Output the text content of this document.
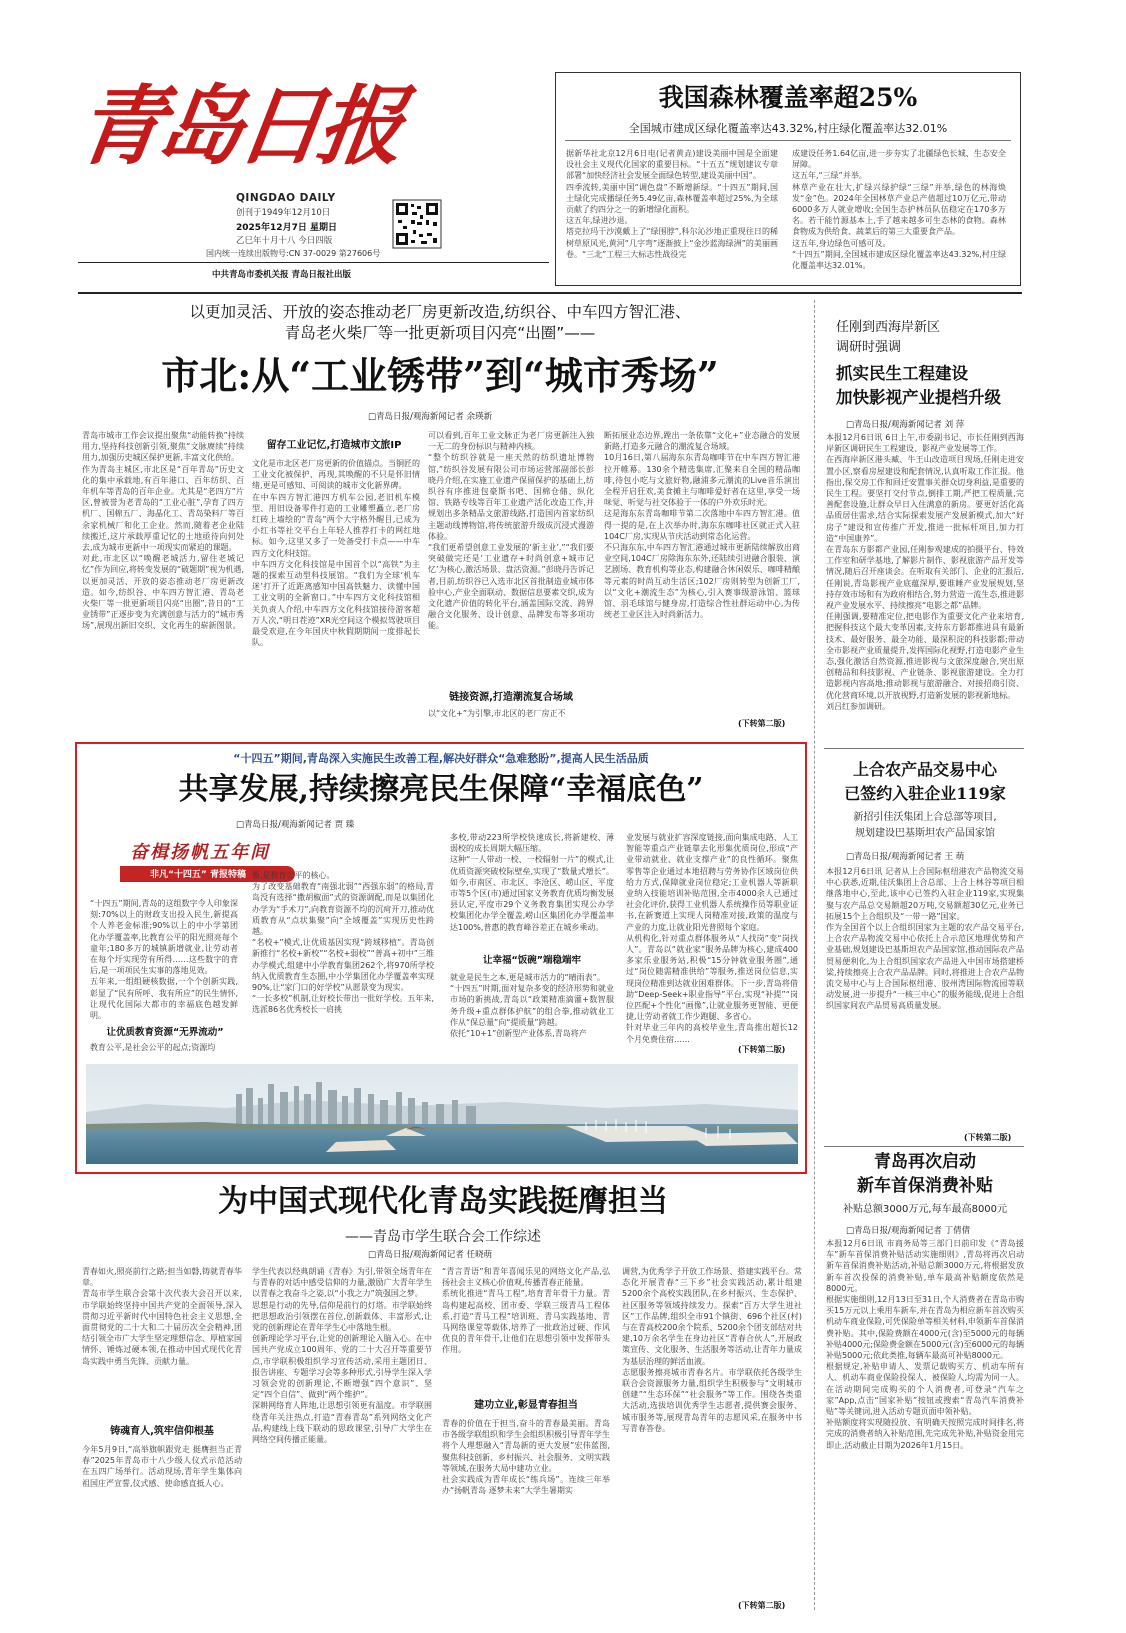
青岛日报
QINGDAO DAILY
创刊于1949年12月10日
2025年12月7日 星期日
乙巳年十月十八 今日四版
国内统一连续出版物号:CN 37-0029 第27606号
中共青岛市委机关报 青岛日报社出版
我国森林覆盖率超25%
全国城市建成区绿化覆盖率达43.32%,村庄绿化覆盖率达32.01%
据新华社北京12月6日电(记者黄垚)建设美丽中国是全面建设社会主义现代化国家的重要目标。“十五五”规划建议专章部署“加快经济社会发展全面绿色转型,建设美丽中国”。
四季流转,美丽中国“调色盘”不断增新绿。“十四五”期间,国土绿化完成播绿任务5.49亿亩,森林覆盖率超过25%,为全球贡献了约四分之一的新增绿化面积。
这五年,绿进沙退。
塔克拉玛干沙漠戴上了“绿围脖”,科尔沁沙地正重现往日的稀树草原风光,黄河“几字弯”逐渐披上“金沙蓝海绿洲”的美丽画卷。“三北”工程三大标志性战役完
成建设任务1.64亿亩,进一步夯实了北疆绿色长城、生态安全屏障。
这五年,“三绿”并举。
林草产业在壮大,扩绿兴绿护绿“三绿”并举,绿色的林海焕发“金”色。2024年全国林草产业总产值超过10万亿元,带动6000多万人就业增收;全国生态护林员队伍稳定在170多万名。若干能竹源基本上,手了越来越多可生态林的食物。森林食物成为供给食、蔬菜后的第三大重要食产品。
这五年,身边绿色可感可及。
“十四五”期间,全国城市建成区绿化覆盖率达43.32%,村庄绿化覆盖率达32.01%。
以更加灵活、开放的姿态推动老厂房更新改造,纺织谷、中车四方智汇港、
青岛老火柴厂等一批更新项目闪亮“出圈”——
市北:从“工业锈带”到“城市秀场”
□青岛日报/观海新闻记者 余瑛新
青岛市城市工作会议提出聚焦“动能转换”持续用力,坚持科技创新引领,聚焦“文脉赓续”持续用力,加强历史城区保护更新,丰富文化供给。
作为青岛主城区,市北区是“百年青岛”历史文化的集中承载地,有百年港口、百年纺织、百年机车等青岛的百年企业。尤其是“老四方”片区,曾被誉为老青岛的“工业心脏”,孕育了四方机厂、国棉五厂、海晶化工、青岛染料厂等百余家机械厂和化工企业。然而,随着老企业陆续搬迁,这片承载厚重记忆的土地亟待向何处去,成为城市更新中一项现实而紧迫的课题。
对此,市北区以“唤醒老城活力,留住老城记忆”作为回应,将转变发展的“破题期”视为机遇,以更加灵活、开放的姿态推动老厂房更新改造。如今,纺织谷、中车四方智汇港、青岛老火柴厂等一批更新项目闪亮“出圈”,昔日的“工业锈带”正逐步变为充满创意与活力的“城市秀场”,展现出新旧交织、文化再生的崭新图景。
留存工业记忆,打造城市文旅IP
文化是市北区老厂房更新的价值锚点。当铜匠的工业文化被保护、再现,其唤醒的不只是怀旧情绪,更是可感知、可阅读的城市文化新界碑。
在中车四方智汇港四方机车公园,老旧机车模型、用旧设备零件打造的工业雕塑矗立,老厂房红砖上墙绘的“青岛”两个大字格外醒目,已成为小红书等社交平台上年轻人推荐打卡的网红地标。如今,这里又多了一处备受打卡点——中车四方文化科技馆。
中车四方文化科技馆是中国首个以“高铁”为主题的探索互动型科技展馆。“我们为全球‘机车迷’打开了近距离感知中国高铁魅力、读懂中国工业文明的全新窗口。”中车四方文化科技馆相关负责人介绍,中车四方文化科技馆接待游客超万人次,“明日茬迹”XR光空间这个模拟驾驶项目最受欢迎,在今年国庆中秋假期期间一度排起长队。
可以看到,百年工业文脉正为老厂房更新注入独一无二的身份标识与精神内核。
“整个纺织谷就是一座天然的纺织遗址博物馆,”纺织谷发展有限公司市场运营部副部长彭晓丹介绍,在实施工业遗产保留保护的基础上,纺织谷有序推进包豪斯书吧、国棉仓储、纵化馆、铁路专线等百年工业遗产活化改造工作,并规划出多条精品文旅游线路,打造国内首家纺织主题动线博物馆,将传统旅游升级成沉浸式漫游体验。
“我们更希望创意工业发展的‘新主业’,”“我们要突破做完还是‘工业遗存+时尚创意+城市记忆’为核心,激活场景、盘活资源。”彭晓丹告诉记者,目前,纺织谷已入选市北区首批制造业城市体验中心,产业全面联动、数据信息要素交织,成为文化遗产价值的转化平台,涵盖国际交流、跨界融合文化服务、设计创意、品牌发布等多项功能。
链接资源,打造潮流复合场域
以“文化+”为引擎,市北区的老厂房正不
断拓展业态边界,蹚出一条依靠“文化+”业态融合的发展新路,打造多元融合的潮流复合场域。
10月16日,第八届海东东青岛咖啡节在中车四方智汇港拉开帷幕。130余个精选集席,汇聚来自全国的精品咖啡,待包小吃与文旅好物,融浦多元潮流的Live音乐演出全程开启狂欢,美食摊主与咖啡爱好者在这里,享受一场味觉、听觉与社交体验于一体的户外欢乐时光。
这是海东东青岛咖啡节第二次落地中车四方智汇港。值得一提的是,在上次举办时,海东东咖啡社区就正式入驻104C厂房,实现从节庆活动到常态化运营。
不只海东东,中车四方智汇港通过城市更新陆续解放出商业空间,104C厂房除海东东外,还陆续引进融合服装、演艺剧场、教育机构等业态,构建融合休闲娱乐、咖啡精酿等元素的时尚互动生活区;102厂房则转型为创新工厂,以“文化+潮流生态”为核心,引入赛事级游泳馆、篮球馆、羽毛球馆与健身房,打造综合性社群运动中心,为传统老工业区注入时尚新活力。
(下转第二版)
任刚到西海岸新区
调研时强调
抓实民生工程建设
加快影视产业提档升级
□青岛日报/观海新闻记者 刘 萍
本报12月6日讯 6日上午,市委副书记、市长任刚到西海岸新区调研民生工程建设、影视产业发展等工作。
在西海岸新区港头臧、牛王山改造项目现场,任刚走进安置小区,察看房屋建设和配套情况,认真听取工作汇报。他指出,保交房工作和回迁安置事关群众切身利益,是重要的民生工程。要坚打交付节点,倒排工期,严把工程质量,完善配套设施,让群众早日入住满意的新房。要更好活化高品质居住需求,结合实际探索发展产发展新模式,加大“好房子”建设和宣传推广开发,推进一批标杆项目,加力打造“中国康养”。
在青岛东方影都产业园,任刚参观建成的拍摄平台、特效工作室和研学基地,了解影片制作、影视旅游产品开发等情况,随后召开座谈会。在听取有关部门、企业的汇报后,任刚说,青岛影视产业底蕴深厚,要谁睡产业发展规划,坚持存效市场和有为政府相结合,努力营造一流生态,推进影视产业发展水平、持续擦亮“电影之都”品牌。
任刚强调,要精准定位,把电影作为重要文化产业来培育,把握科技这个最大变革因素,支持东方影都推进具有最新技术、最好服务、最全功能、最深积淀的科技影都;带动全市影视产业质量提升,发挥国际化视野,打造电影产业生态,强化激活自然资源,推进影视与文旅深度融合,突出原创精品和科技影视、产业链条、影视旅游建设。全力打造影视内容高地;推动影视与旅游融合、对接招商引资、优化营商环境,以开放视野,打造新发展的影视新地标。
刘吕红参加调研。
上合农产品交易中心
已签约入驻企业119家
新招引佳沃集团上合总部等项目,
规划建设巴基斯坦农产品国家馆
□青岛日报/观海新闻记者 王 萌
本报12月6日讯 记者从上合国际枢纽港农产品物流交易中心获悉,近期,佳沃集团上合总部、上合上林谷等项目相继落地中心,至此,该中心已签约入驻企业119家,实现集聚与农产品总交易额超20万吨,交易额超30亿元,业务已拓展15个上合组织及“一带一路”国家。
作为全国首个以上合组织国家为主题的农产品交易平台,上合农产品物流交易中心依托上合示范区地理优势和产业基础,规划建设巴基斯坦农产品国家馆,推动国际农产品贸易便利化,为上合组织国家农产品进入中国市场搭建桥梁,持续擦亮上合农产品品牌。同时,将推进上合农产品物流交易中心与上合国际枢纽港、胶州湾国际物流园等联动发展,进一步提升“一核三中心”的服务能级,促进上合组织国家间农产品贸易高质量发展。
(下转第二版)
青岛再次启动
新车首保消费补贴
补贴总额3000万元,每车最高8000元
□青岛日报/观海新闻记者 丁倩倩
本报12月6日讯 市商务局等三部门日前印发《“青岛援车”新车首保消费补贴活动实施细则》,青岛将再次启动新车首保消费补贴活动,补贴总额3000万元,将根据发放新车首次投保的消费补贴,单车最高补贴额度依然是8000元。
根据实施细则,12月13日至31日,个人消费者在青岛市购买15万元以上乘用车新车,并在青岛为相应新车首次购买机动车商业保险,可凭保险单等相关材料,申领新车首保消费补贴。其中,保险费额在4000元(含)至5000元的每辆补贴4000元;保险费金额在5000元(含)至6000元的每辆补贴5000元;依此类推,每辆车最高可补贴8000元。
根据规定,补贴申请人、发票记载购买方、机动车所有人、机动车商业保险投保人、被保险人,均需为同一人。在活动期间完成购买的个人消费者,可登录“汽车之家”App,点击“国家补贴”按钮或搜索“青岛汽车消费补贴”等关键词,进入活动专题页面申领补贴。
补贴额度将实现随投放、有明确天按照完成时间排名,将完成的消费者纳入补贴范围,先完成先补贴,补贴资金用完即止,活动截止日期为2026年1月15日。
“十四五”期间,青岛深入实施民生改善工程,解决好群众“急难愁盼”,提高人民生活品质
共享发展,持续擦亮民生保障“幸福底色”
□青岛日报/观海新闻记者 贾 臻
奋楫扬帆五年间
非凡“十四五” 青报特稿
“十四五”期间,青岛的这组数字令人印象深刻:70%以上的财政支出投入民生,新提高个人养老金标准;90%以上的中小学第团化办学覆盖率,比教育公平的阳光照亮每个童年;180多万的城镇新增就业,让劳动者在每个圩实现劳有所得……这些数字的背后,是一项项民生实事的落地见效。
五年来,一组组硬核数据,一个个创新实践,彰显了“民有所呼、我有所应”的民生情怀,让现代化国际大都市的幸福底色越发鲜明。
让优质教育资源“无界流动”
教育公平,是社会公平的起点;资源均
衡,是教育公平的核心。
为了改变基础教育“南强北弱”“西强东弱”的格局,青岛没有选择“撒胡椒面”式的资源调配,而是以集团化办学为“手术刀”,向教育资源不均的沉疴开刀,推动优质教育从“点状集聚”向“全域覆盖”实现历史性跨越。
“名校+”模式,让优质基因实现“跨域移植”。青岛创新推行“名校+新校”“名校+弱校”“普高+初中”三维办学模式,组建中小学教育集团262个,将970所学校纳入优质教育生态圈,中小学集团化办学覆盖率实现90%,让“家门口的好学校”从愿景变为现实。
“一长多校”机制,让好校长带出一批好学校。五年来,选派86名优秀校长一肩挑
多校,带动223所学校快速成长,将新建校、薄弱校的成长周期大幅压缩。
这种“一人带动一校、一校辐射一片”的模式,让优质资源突破校际壁垒,实现了“数量式增长”。如今,市南区、市北区、李沧区、崂山区、平度市等5个区(市)通过国家义务教育优质均衡发展县认定,平度市29个义务教育集团实现公办学校集团化办学全覆盖,崂山区集团化办学覆盖率达100%,普惠的教育峰谷差正在城乡乘动。
让幸福“饭碗”端稳端牢
就业是民生之本,更是城市活力的“晴雨表”。
“十四五”时期,面对复杂多变的经济形势和就业市场的新挑战,青岛以“政策精准滴灌+数智服务升级+重点群体护航”的组合拳,推动就业工作从“保总量”向“提质量”跨越。
依托“10+1”创新型产业体系,青岛将产
业发展与就业扩容深度链接,面向集成电路、人工智能等重点产业链靠去化形集优质岗位,形成“产业带动就业、就业支撑产业”的良性循环。聚焦零售等企业通过本地招聘与劳务协作区域岗位供给力方式,保障就业岗位稳定;工业机器人等新职业纳入技能培训补贴范围,全市4000余人已通过社会化评价,获得工业机器人系统操作员等职业证书,在新赛道上实现人岗精准对接,政策的温度与产业的力度,让就业阳光普照每个家庭。
从机构化,针对重点群体服务从“人找岗”变“岗找人”。青岛以“就业家”服务品牌为核心,建成400多家乐业服务站,积极“15分钟就业服务圈”,通过“岗位随需精准供给”等服务,推送岗位信息,实现岗位精准到达就业困难群体。下一步,青岛将借助“Deep-Seek+职业指导”平台,实现“补提”“岗位匹配+个性化“画像”,让就业服务更智能、更便捷,让劳动者就工作少跑腿、多省心。
针对毕业三年内的高校毕业生,青岛推出超长12个月免费住宿……
(下转第二版)
为中国式现代化青岛实践挺膺担当
——青岛市学生联合会工作综述
□青岛日报/观海新闻记者 任晓萌
青春如火,照亮前行之路;担当如磐,铸就青春华章。
青岛市学生联合会第十次代表大会召开以来,市学联始终坚持中国共产党的全面领导,深入贯彻习近平新时代中国特色社会主义思想,全面贯彻党的二十大和二十届历次全会精神,团结引领全市广大学生坚定理想信念、厚植家国情怀、锤炼过硬本领,在推动中国式现代化青岛实践中勇当先锋、贡献力量。
铸魂育人,筑牢信仰根基
今年5月9日,“高举旗帜跟党走 挺膺担当正青春”2025年青岛市十八少级人仪式示范活动在五四广场举行。活动现场,青年学生集体向祖国庄严宣誓,仪式感、使命感直抵人心。
学生代表以经典朗诵《青春》为引,带领全场青年在与青春的对话中感受信仰的力量,激励广大青年学生以青春之我奋斗之姿,以“小我之力”筑强国之梦。
思想是行动的先导,信仰是前行的灯塔。市学联始终把思想政治引领摆在首位,创新载体、丰富形式,让党的创新理论在青年学生心中落地生根。
创新理论学习平台,让党的创新理论入脑入心。在中国共产党成立100周年、党的二十大召开等重要节点,市学联积极组织学习宣传活动,采用主题团日、报告讲座、专题学习会等多种形式,引导学生深入学习领会党的创新理论,不断增强“四个意识”、坚定“四个自信”、做到“两个维护”。
深耕网络育人阵地,让思想引领更有温度。市学联围绕青年关注热点,打造“青春青岛”系列网络文化产品,构建线上线下联动的思政课堂,引导广大学生在网络空间传播正能量。
“青言青语”和青年喜闻乐见的网络文化产品,弘扬社会主义核心价值观,传播青春正能量。
系统化推进“青马工程”,培育青年骨干力量。青岛构建起高校、团市委、学联三级青马工程体系,打造“青马工程”培训班、青马实践基地、青马网络课堂等载体,培养了一批政治过硬、作风优良的青年骨干,让他们在思想引领中发挥带头作用。
建功立业,彰显青春担当
青春的价值在于担当,奋斗的青春最美丽。青岛市各级学联组织和学生会组织积极引导青年学生将个人理想融入“青岛新的更大发展”宏伟蓝图,聚焦科技创新、乡村振兴、社会服务、文明实践等领域,在服务大局中建功立业。
社会实践成为青年成长“练兵场”。连续三年举办“扬帆青岛 逐梦未来”大学生暑期实
调营,为优秀学子开放工作场景、搭建实践平台。常态化开展青春“三下乡”社会实践活动,累计组建5200余个高校实践团队,在乡村振兴、生态保护、社区服务等领域持续发力。探索“百万大学生进社区”工作品牌,组织全市91个镇街、696个社区(村)与在青高校200余个院系、5200余个团支部结对共建,10万余名学生在身边社区“青春合伙人”,开展政策宣传、文化服务、生活服务等活动,让青年力量成为基层治理的鲜活血液。
志愿服务擦亮城市青春名片。市学联依托各级学生联合会资源服务力量,组织学生积极参与“文明城市创建”“生态环保”“社会服务”等工作。围绕各类重大活动,选拔培训优秀学生志愿者,提供赛会服务、城市服务等,展现青岛青年的志愿风采,在服务中书写青春答卷。
(下转第二版)
